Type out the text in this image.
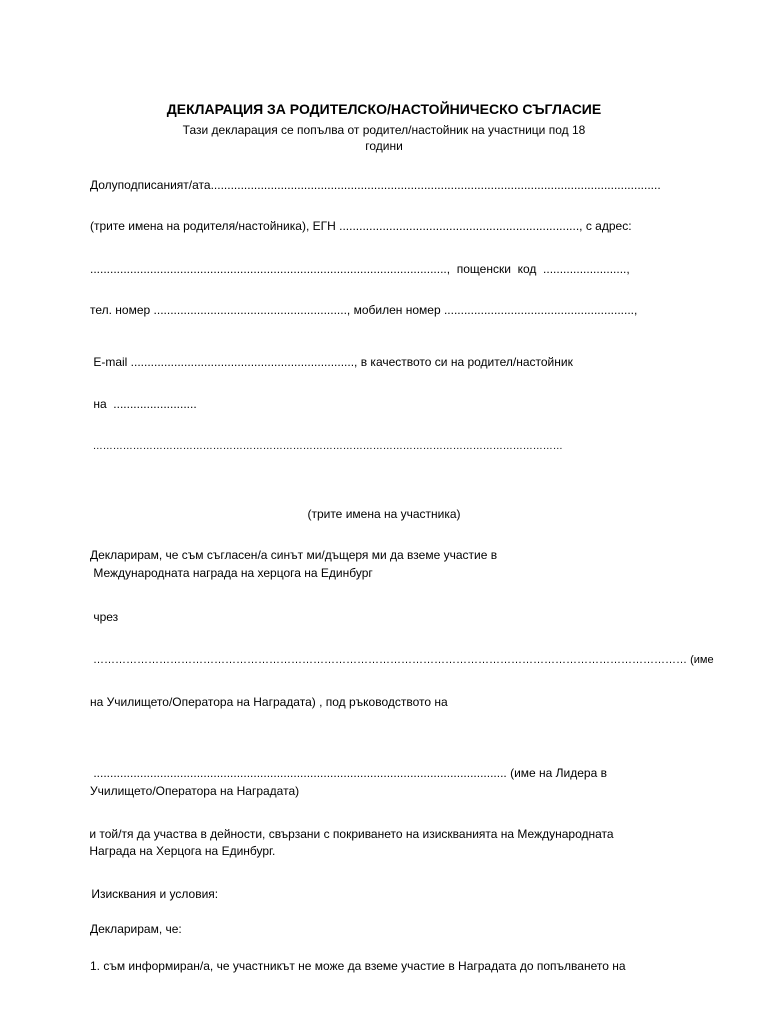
ДЕКЛАРАЦИЯ ЗА РОДИТЕЛСКО/НАСТОЙНИЧЕСКО СЪГЛАСИЕ
Тази декларация се попълва от родител/настойник на участници под 18
години
Долуподписаният/ата.......................................................................................................................................
(трите имена на родителя/настойника), ЕГН ........................................................................, с адрес:
...........................................................................................................,  пощенски  код  .........................,
тел. номер .........................................................., мобилен номер .........................................................,
E-mail ..................................................................., в качеството си на родител/настойник
на  .........................
……………………………………………………………………………………………………………………………
(трите имена на участника)
Декларирам, че съм съгласен/а синът ми/дъщеря ми да вземе участие в
Международната награда на херцога на Единбург
чрез
……………………………………………………………………………………………………………………………………………… (име
на Училището/Оператора на Наградата) , под ръководството на
............................................................................................................................ (име на Лидера в
Училището/Оператора на Наградата)
и той/тя да участва в дейности, свързани с покриването на изискванията на Международната
Награда на Херцога на Единбург.
Изисквания и условия:
Декларирам, че:
1. съм информиран/а, че участникът не може да вземе участие в Наградата до попълването на
